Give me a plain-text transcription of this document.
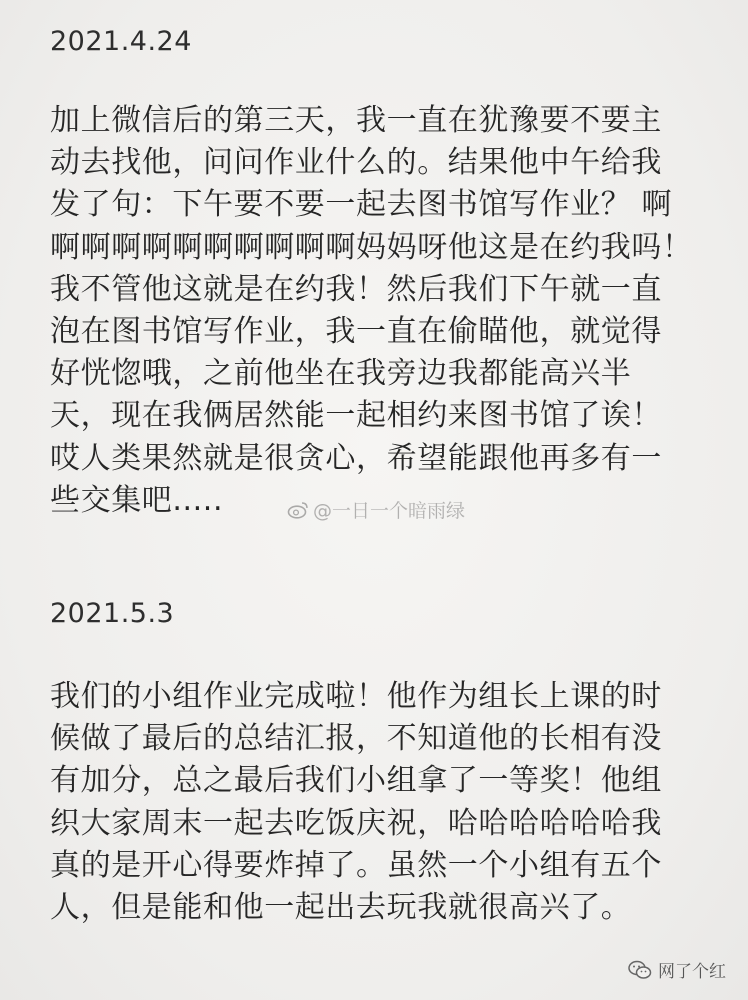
2021.4.24
加上微信后的第三天，我一直在犹豫要不要主
动去找他，问问作业什么的。结果他中午给我
发了句：下午要不要一起去图书馆写作业？ 啊
啊啊啊啊啊啊啊啊啊啊妈妈呀他这是在约我吗！
我不管他这就是在约我！然后我们下午就一直
泡在图书馆写作业，我一直在偷瞄他，就觉得
好恍惚哦，之前他坐在我旁边我都能高兴半
天，现在我俩居然能一起相约来图书馆了诶！
哎人类果然就是很贪心，希望能跟他再多有一
些交集吧.....	@一日一个暗雨绿
2021.5.3
我们的小组作业完成啦！他作为组长上课的时
候做了最后的总结汇报，不知道他的长相有没
有加分，总之最后我们小组拿了一等奖！他组
织大家周末一起去吃饭庆祝，哈哈哈哈哈哈我
真的是开心得要炸掉了。虽然一个小组有五个
人，但是能和他一起出去玩我就很高兴了。
网了个红
